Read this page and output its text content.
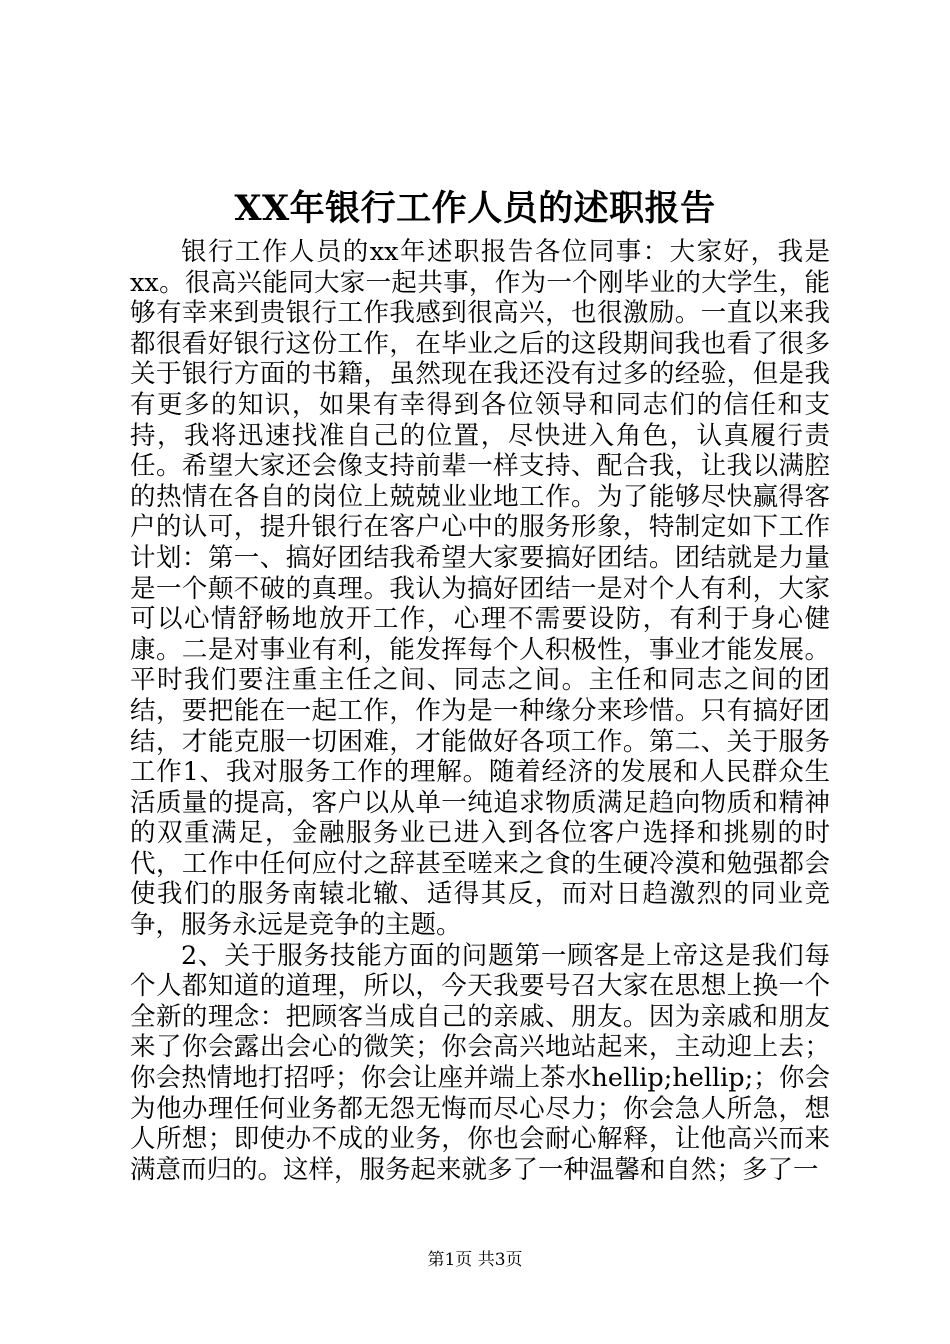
XX年银行工作人员的述职报告

银行工作人员的xx年述职报告各位同事：大家好，我是xx。很高兴能同大家一起共事，作为一个刚毕业的大学生，能够有幸来到贵银行工作我感到很高兴，也很激励。一直以来我都很看好银行这份工作，在毕业之后的这段期间我也看了很多关于银行方面的书籍，虽然现在我还没有过多的经验，但是我有更多的知识，如果有幸得到各位领导和同志们的信任和支持，我将迅速找准自己的位置，尽快进入角色，认真履行责任。希望大家还会像支持前辈一样支持、配合我，让我以满腔的热情在各自的岗位上兢兢业业地工作。为了能够尽快赢得客户的认可，提升银行在客户心中的服务形象，特制定如下工作计划：第一、搞好团结我希望大家要搞好团结。团结就是力量是一个颠不破的真理。我认为搞好团结一是对个人有利，大家可以心情舒畅地放开工作，心理不需要设防，有利于身心健康。二是对事业有利，能发挥每个人积极性，事业才能发展。平时我们要注重主任之间、同志之间。主任和同志之间的团结，要把能在一起工作，作为是一种缘分来珍惜。只有搞好团结，才能克服一切困难，才能做好各项工作。第二、关于服务工作1、我对服务工作的理解。随着经济的发展和人民群众生活质量的提高，客户以从单一纯追求物质满足趋向物质和精神的双重满足，金融服务业已进入到各位客户选择和挑剔的时代，工作中任何应付之辞甚至嗟来之食的生硬冷漠和勉强都会使我们的服务南辕北辙、适得其反，而对日趋激烈的同业竞争，服务永远是竞争的主题。

2、关于服务技能方面的问题第一顾客是上帝这是我们每个人都知道的道理，所以，今天我要号召大家在思想上换一个全新的理念：把顾客当成自己的亲戚、朋友。因为亲戚和朋友来了你会露出会心的微笑；你会高兴地站起来，主动迎上去；你会热情地打招呼；你会让座并端上茶水hellip;hellip;；你会为他办理任何业务都无怨无悔而尽心尽力；你会急人所急，想人所想；即使办不成的业务，你也会耐心解释，让他高兴而来满意而归的。这样，服务起来就多了一种温馨和自然；多了一

第1页 共3页
